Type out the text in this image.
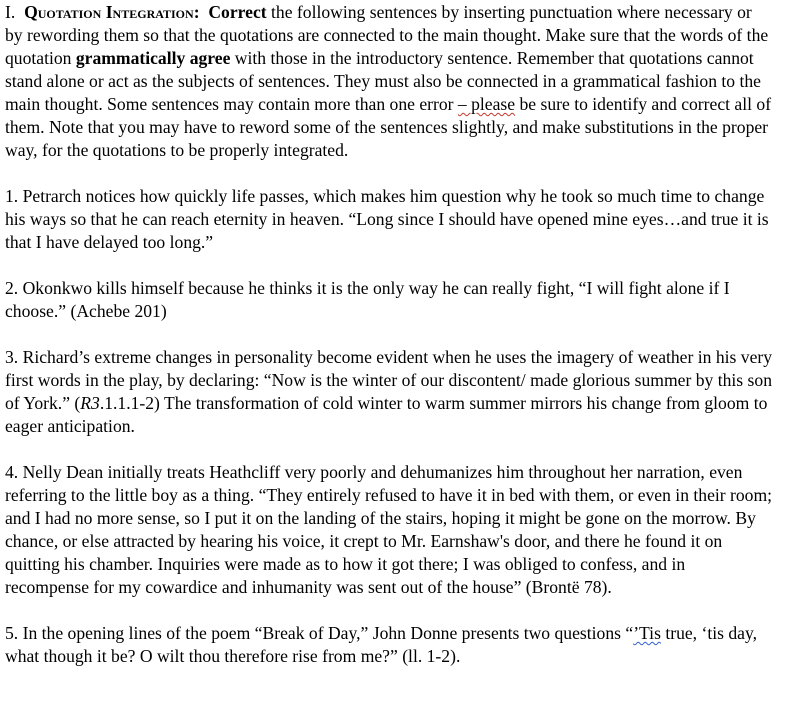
I. Quotation Integration: Correct the following sentences by inserting punctuation where necessary or by rewording them so that the quotations are connected to the main thought. Make sure that the words of the quotation grammatically agree with those in the introductory sentence. Remember that quotations cannot stand alone or act as the subjects of sentences. They must also be connected in a grammatical fashion to the main thought. Some sentences may contain more than one error – please be sure to identify and correct all of them. Note that you may have to reword some of the sentences slightly, and make substitutions in the proper way, for the quotations to be properly integrated.

1. Petrarch notices how quickly life passes, which makes him question why he took so much time to change his ways so that he can reach eternity in heaven. “Long since I should have opened mine eyes…and true it is that I have delayed too long.”

2. Okonkwo kills himself because he thinks it is the only way he can really fight, “I will fight alone if I choose.” (Achebe 201)

3. Richard’s extreme changes in personality become evident when he uses the imagery of weather in his very first words in the play, by declaring: “Now is the winter of our discontent/ made glorious summer by this son of York.” (R3.1.1.1-2) The transformation of cold winter to warm summer mirrors his change from gloom to eager anticipation.

4. Nelly Dean initially treats Heathcliff very poorly and dehumanizes him throughout her narration, even referring to the little boy as a thing. “They entirely refused to have it in bed with them, or even in their room; and I had no more sense, so I put it on the landing of the stairs, hoping it might be gone on the morrow. By chance, or else attracted by hearing his voice, it crept to Mr. Earnshaw's door, and there he found it on quitting his chamber. Inquiries were made as to how it got there; I was obliged to confess, and in recompense for my cowardice and inhumanity was sent out of the house” (Brontë 78).

5. In the opening lines of the poem “Break of Day,” John Donne presents two questions “’Tis true, ‘tis day, what though it be? O wilt thou therefore rise from me?” (ll. 1-2).
